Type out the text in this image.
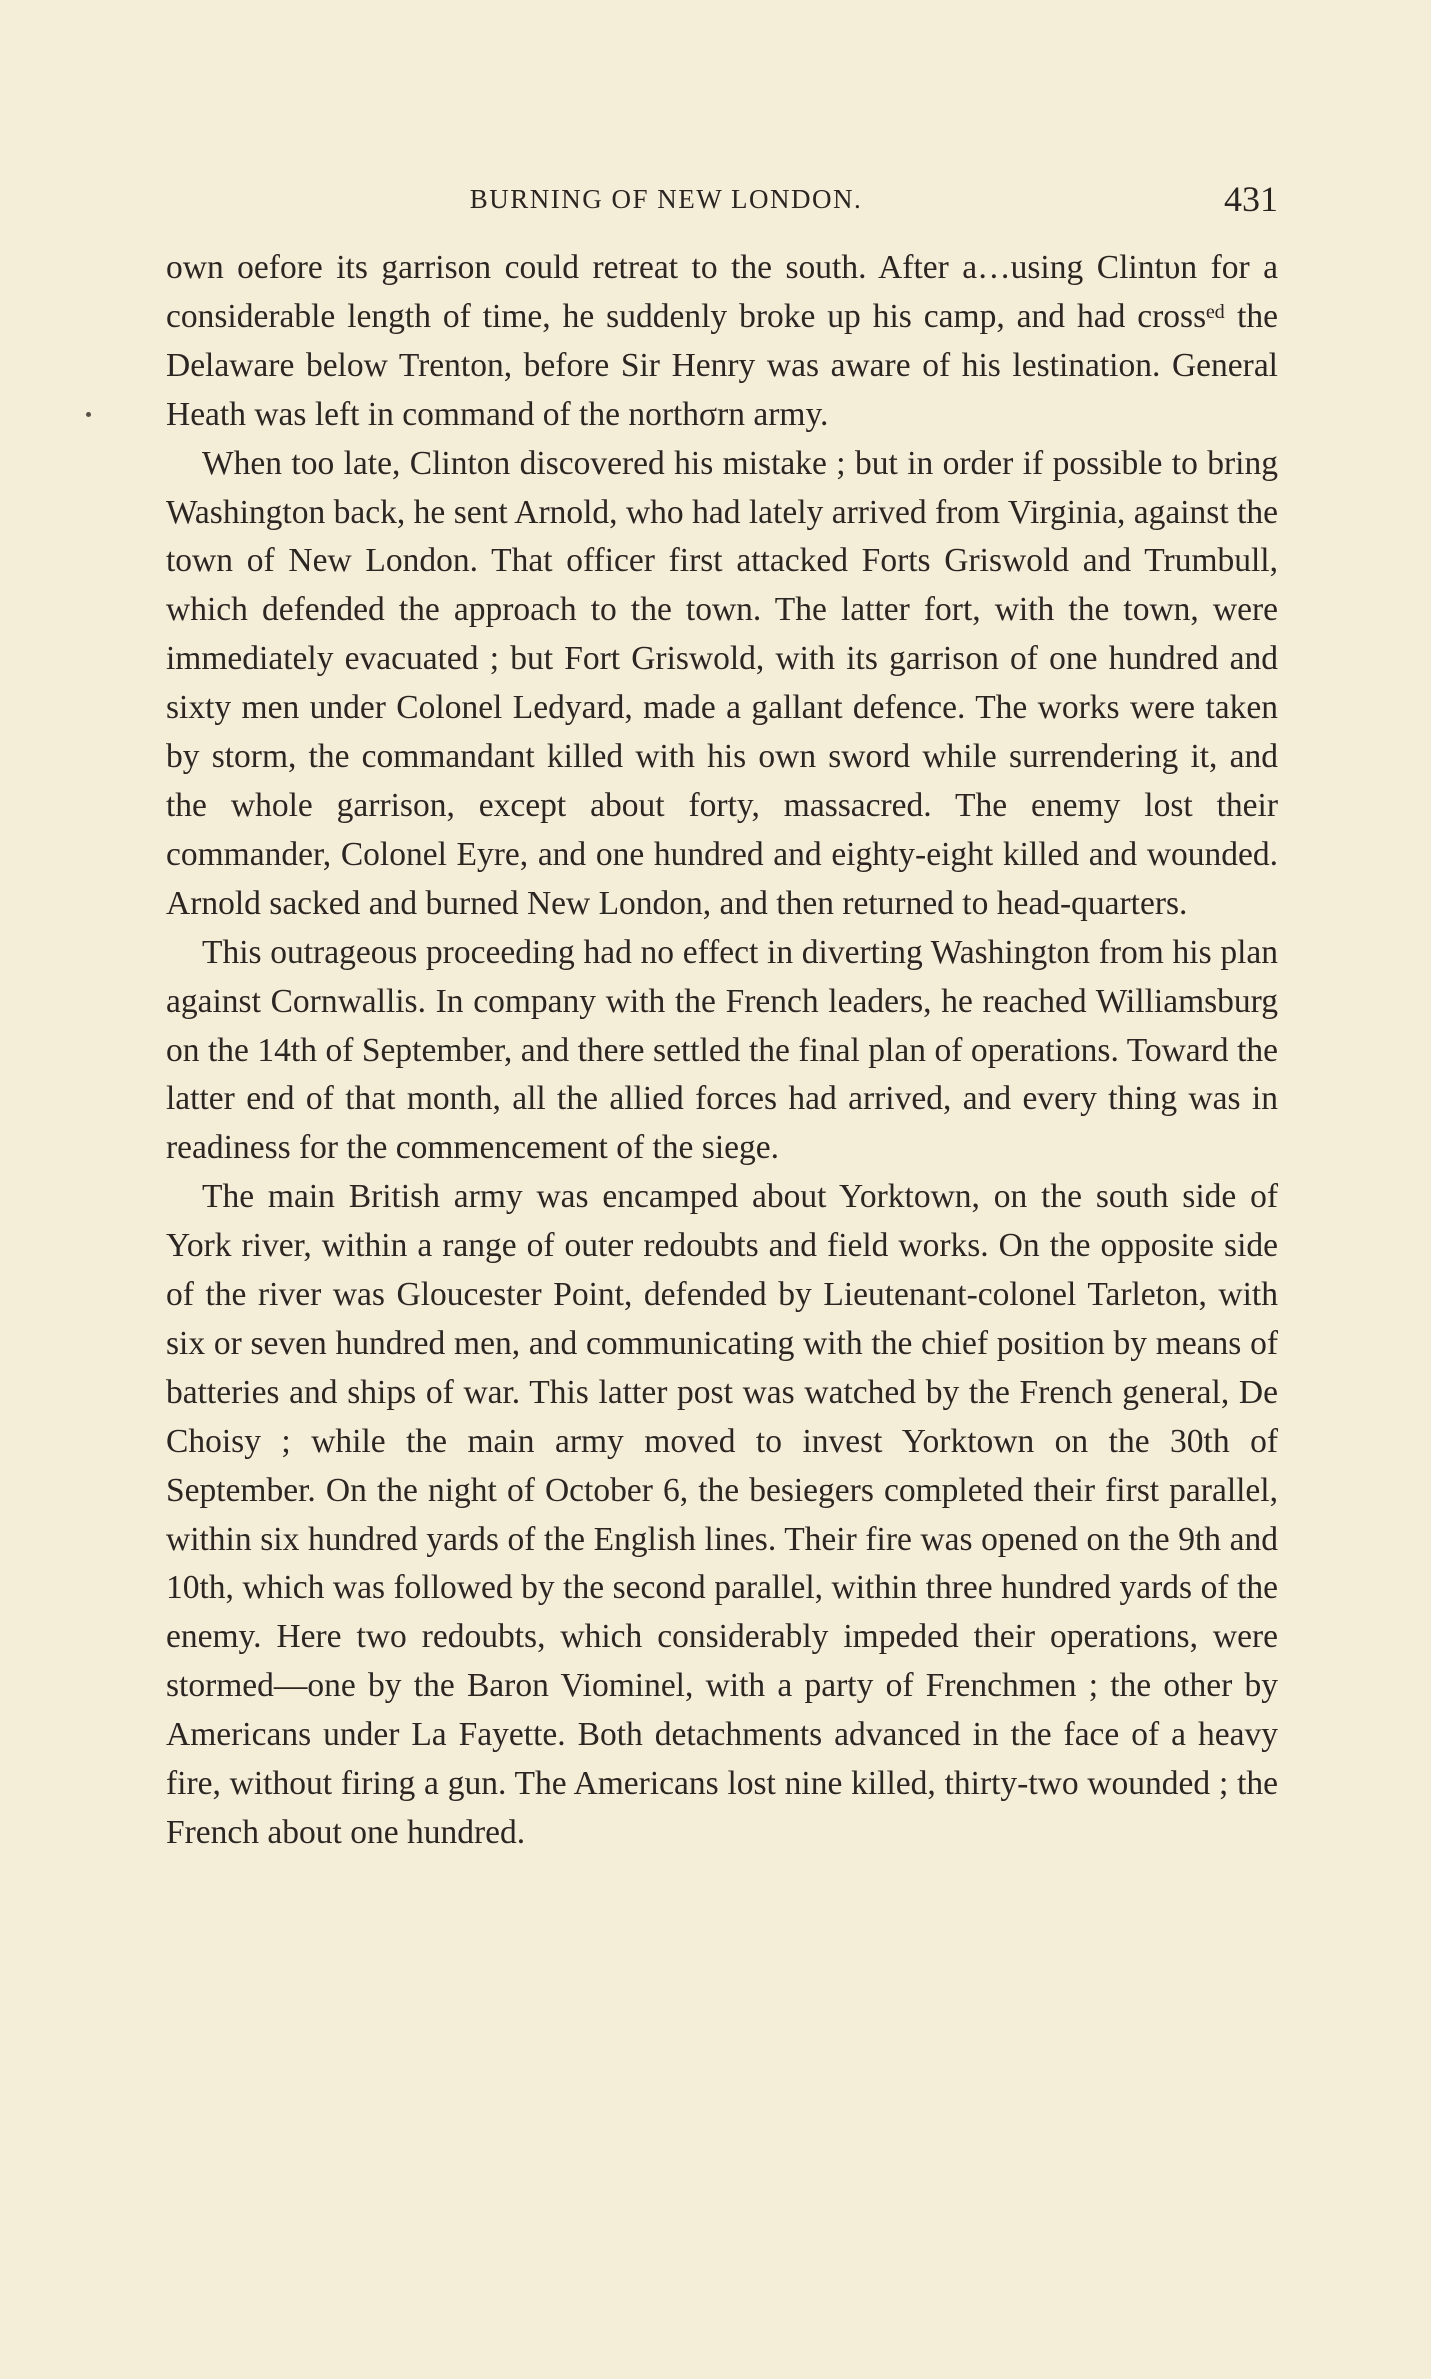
BURNING OF NEW LONDON.	431

own оefore its garrison could retreat to the south. After a…using Clintυn for a considerable length of time, he suddenly broke up his camp, and had crossᵉᵈ the Delaware below Trenton, before Sir Henry was aware of his lestination. General Heath was left in command of the northσrn army.

When too late, Clinton discovered his mistake ; but in order if possible to bring Washington back, he sent Arnold, who had lately arrived from Virginia, against the town of New London. That officer first attacked Forts Griswold and Trumbull, which defended the approach to the town. The latter fort, with the town, were immediately evacuated ; but Fort Griswold, with its garrison of one hundred and sixty men under Colonel Ledyard, made a gallant defence. The works were taken by storm, the commandant killed with his own sword while surrendering it, and the whole garrison, except about forty, massacred. The enemy lost their commander, Colonel Eyre, and one hundred and eighty-eight killed and wounded. Arnold sacked and burned New London, and then returned to head-quarters.

This outrageous proceeding had no effect in diverting Washington from his plan against Cornwallis. In company with the French leaders, he reached Williamsburg on the 14th of September, and there settled the final plan of operations. Toward the latter end of that month, all the allied forces had arrived, and every thing was in readiness for the commencement of the siege.

The main British army was encamped about Yorktown, on the south side of York river, within a range of outer redoubts and field works. On the opposite side of the river was Gloucester Point, defended by Lieutenant-colonel Tarleton, with six or seven hundred men, and communicating with the chief position by means of batteries and ships of war. This latter post was watched by the French general, De Choisy ; while the main army moved to invest Yorktown on the 30th of September. On the night of October 6, the besiegers completed their first parallel, within six hundred yards of the English lines. Their fire was opened on the 9th and 10th, which was followed by the second parallel, within three hundred yards of the enemy. Here two redoubts, which considerably impeded their operations, were stormed—one by the Baron Viominel, with a party of Frenchmen ; the other by Americans under La Fayette. Both detachments advanced in the face of a heavy fire, without firing a gun. The Americans lost nine killed, thirty-two wounded ; the French about one hundred.
